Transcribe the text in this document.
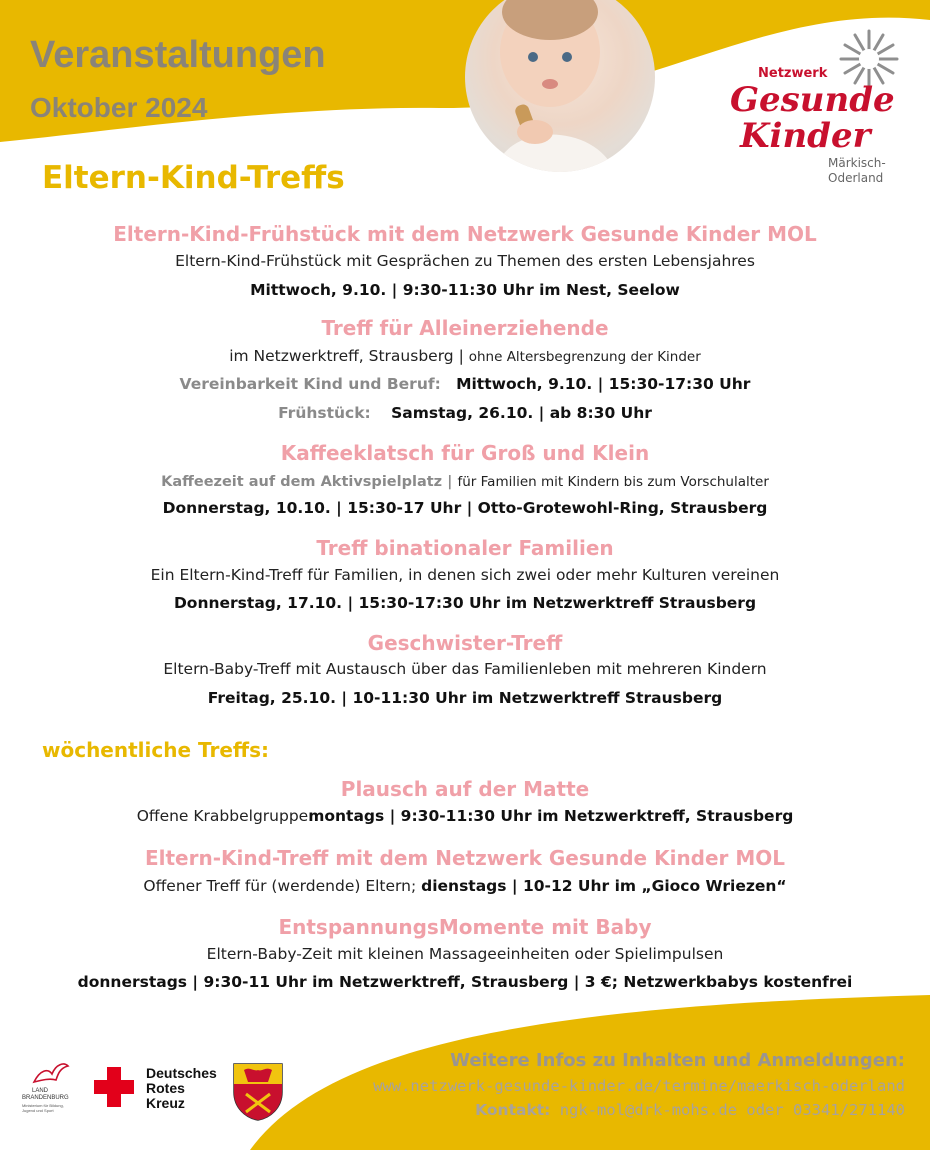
Veranstaltungen
Oktober 2024
Netzwerk
Gesunde
Kinder
Märkisch-
Oderland
Eltern-Kind-Treffs
Eltern-Kind-Frühstück mit dem Netzwerk Gesunde Kinder MOL
Eltern-Kind-Frühstück mit Gesprächen zu Themen des ersten Lebensjahres
Mittwoch, 9.10. | 9:30-11:30 Uhr im Nest, Seelow
Treff für Alleinerziehende
im Netzwerktreff, Strausberg | ohne Altersbegrenzung der Kinder
Vereinbarkeit Kind und Beruf: Mittwoch, 9.10. | 15:30-17:30 Uhr
Frühstück: Samstag, 26.10. | ab 8:30 Uhr
Kaffeeklatsch für Groß und Klein
Kaffeezeit auf dem Aktivspielplatz | für Familien mit Kindern bis zum Vorschulalter
Donnerstag, 10.10. | 15:30-17 Uhr | Otto-Grotewohl-Ring, Strausberg
Treff binationaler Familien
Ein Eltern-Kind-Treff für Familien, in denen sich zwei oder mehr Kulturen vereinen
Donnerstag, 17.10. | 15:30-17:30 Uhr im Netzwerktreff Strausberg
Geschwister-Treff
Eltern-Baby-Treff mit Austausch über das Familienleben mit mehreren Kindern
Freitag, 25.10. | 10-11:30 Uhr im Netzwerktreff Strausberg
wöchentliche Treffs:
Plausch auf der Matte
Offene Krabbelgruppemontags | 9:30-11:30 Uhr im Netzwerktreff, Strausberg
Eltern-Kind-Treff mit dem Netzwerk Gesunde Kinder MOL
Offener Treff für (werdende) Eltern; dienstags | 10-12 Uhr im „Gioco Wriezen“
EntspannungsMomente mit Baby
Eltern-Baby-Zeit mit kleinen Massageeinheiten oder Spielimpulsen
donnerstags | 9:30-11 Uhr im Netzwerktreff, Strausberg | 3 €; Netzwerkbabys kostenfrei
Weitere Infos zu Inhalten und Anmeldungen:
www.netzwerk-gesunde-kinder.de/termine/maerkisch-oderland
Kontakt: ngk-mol@drk-mohs.de oder 03341/271140
LAND
BRANDENBURG
Ministerium für Bildung,
Jugend und Sport
Deutsches
Rotes
Kreuz
